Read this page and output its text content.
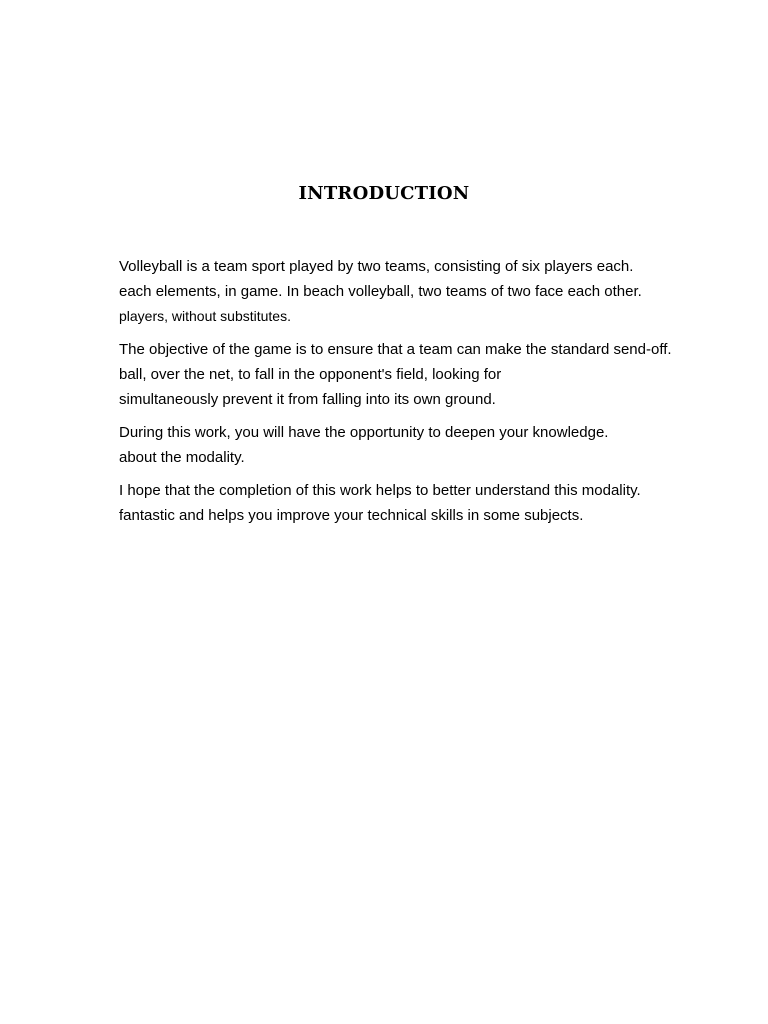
INTRODUCTION

Volleyball is a team sport played by two teams, consisting of six players each.
each elements, in game. In beach volleyball, two teams of two face each other.
players, without substitutes.

The objective of the game is to ensure that a team can make the standard send-off.
ball, over the net, to fall in the opponent's field, looking for
simultaneously prevent it from falling into its own ground.

During this work, you will have the opportunity to deepen your knowledge.
about the modality.

I hope that the completion of this work helps to better understand this modality.
fantastic and helps you improve your technical skills in some subjects.
